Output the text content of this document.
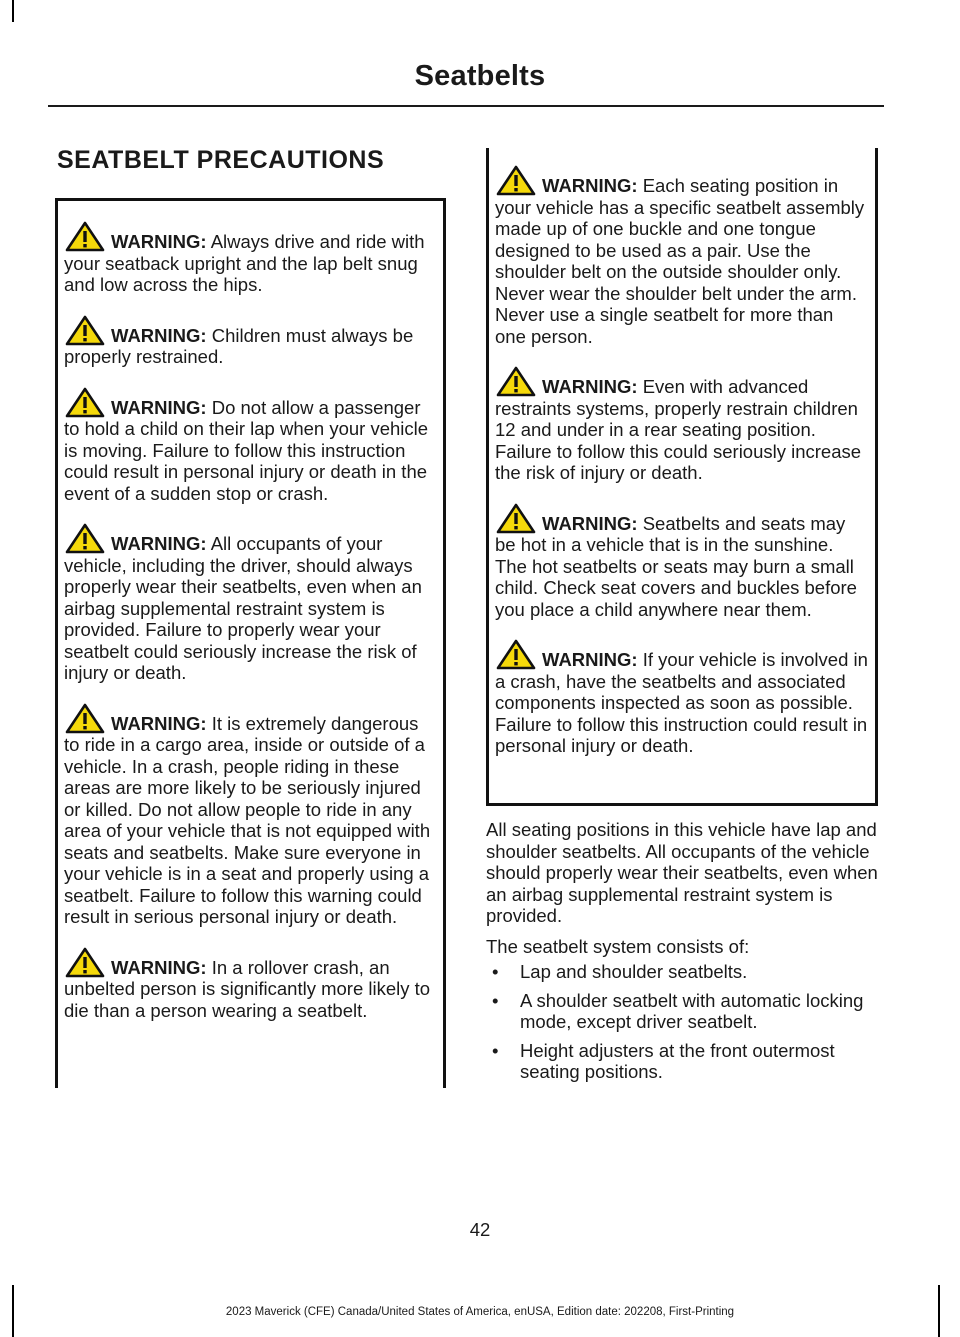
Seatbelts
SEATBELT PRECAUTIONS
WARNING: Always drive and ride with your seatback upright and the lap belt snug and low across the hips.
WARNING: Children must always be properly restrained.
WARNING: Do not allow a passenger to hold a child on their lap when your vehicle is moving. Failure to follow this instruction could result in personal injury or death in the event of a sudden stop or crash.
WARNING: All occupants of your vehicle, including the driver, should always properly wear their seatbelts, even when an airbag supplemental restraint system is provided. Failure to properly wear your seatbelt could seriously increase the risk of injury or death.
WARNING: It is extremely dangerous to ride in a cargo area, inside or outside of a vehicle. In a crash, people riding in these areas are more likely to be seriously injured or killed. Do not allow people to ride in any area of your vehicle that is not equipped with seats and seatbelts. Make sure everyone in your vehicle is in a seat and properly using a seatbelt. Failure to follow this warning could result in serious personal injury or death.
WARNING: In a rollover crash, an unbelted person is significantly more likely to die than a person wearing a seatbelt.
WARNING: Each seating position in your vehicle has a specific seatbelt assembly made up of one buckle and one tongue designed to be used as a pair. Use the shoulder belt on the outside shoulder only. Never wear the shoulder belt under the arm. Never use a single seatbelt for more than one person.
WARNING: Even with advanced restraints systems, properly restrain children 12 and under in a rear seating position. Failure to follow this could seriously increase the risk of injury or death.
WARNING: Seatbelts and seats may be hot in a vehicle that is in the sunshine. The hot seatbelts or seats may burn a small child. Check seat covers and buckles before you place a child anywhere near them.
WARNING: If your vehicle is involved in a crash, have the seatbelts and associated components inspected as soon as possible. Failure to follow this instruction could result in personal injury or death.
All seating positions in this vehicle have lap and shoulder seatbelts. All occupants of the vehicle should properly wear their seatbelts, even when an airbag supplemental restraint system is provided.
The seatbelt system consists of:
• Lap and shoulder seatbelts.
• A shoulder seatbelt with automatic locking mode, except driver seatbelt.
• Height adjusters at the front outermost seating positions.
42
2023 Maverick (CFE) Canada/United States of America, enUSA, Edition date: 202208, First-Printing
